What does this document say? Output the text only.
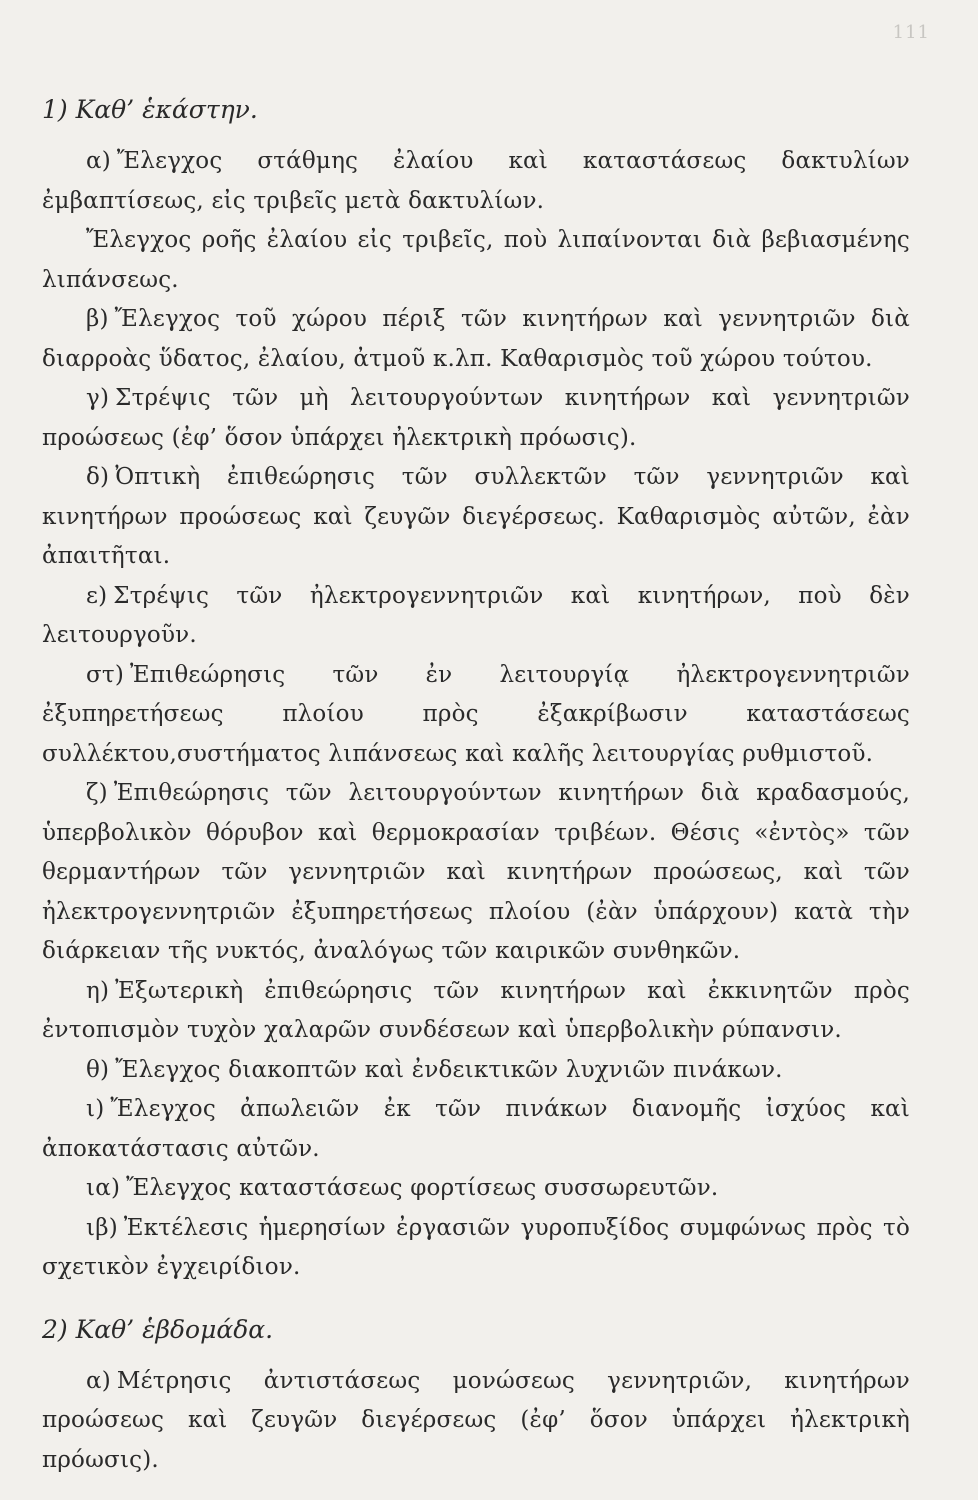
111
1) Καθ’ ἑκάστην.

α) Ἔλεγχος στάθμης ἐλαίου καὶ καταστάσεως δακτυλίων ἐμβαπτίσεως, εἰς τριβεῖς μετὰ δακτυλίων.

Ἔλεγχος ροῆς ἐλαίου εἰς τριβεῖς, ποὺ λιπαίνονται διὰ βεβιασμένης λιπάνσεως.

β) Ἔλεγχος τοῦ χώρου πέριξ τῶν κινητήρων καὶ γεννητριῶν διὰ διαρροὰς ὕδατος, ἐλαίου, ἀτμοῦ κ.λπ. Καθαρισμὸς τοῦ χώρου τούτου.

γ) Στρέψις τῶν μὴ λειτουργούντων κινητήρων καὶ γεννητριῶν προώσεως (ἐφ’ ὅσον ὑπάρχει ἠλεκτρικὴ πρόωσις).

δ) Ὀπτικὴ ἐπιθεώρησις τῶν συλλεκτῶν τῶν γεννητριῶν καὶ κινητήρων προώσεως καὶ ζευγῶν διεγέρσεως. Καθαρισμὸς αὐτῶν, ἐὰν ἀπαιτῆται.

ε) Στρέψις τῶν ἠλεκτρογεννητριῶν καὶ κινητήρων, ποὺ δὲν λειτουργοῦν.

στ) Ἐπιθεώρησις τῶν ἐν λειτουργίᾳ ἠλεκτρογεννητριῶν ἐξυπηρετήσεως πλοίου πρὸς ἐξακρίβωσιν καταστάσεως συλλέκτου,συστήματος λιπάνσεως καὶ καλῆς λειτουργίας ρυθμιστοῦ.

ζ) Ἐπιθεώρησις τῶν λειτουργούντων κινητήρων διὰ κραδασμούς, ὑπερβολικὸν θόρυβον καὶ θερμοκρασίαν τριβέων. Θέσις «ἐντὸς» τῶν θερμαντήρων τῶν γεννητριῶν καὶ κινητήρων προώσεως, καὶ τῶν ἠλεκτρογεννητριῶν ἐξυπηρετήσεως πλοίου (ἐὰν ὑπάρχουν) κατὰ τὴν διάρκειαν τῆς νυκτός, ἀναλόγως τῶν καιρικῶν συνθηκῶν.

η) Ἐξωτερικὴ ἐπιθεώρησις τῶν κινητήρων καὶ ἐκκινητῶν πρὸς ἐντοπισμὸν τυχὸν χαλαρῶν συνδέσεων καὶ ὑπερβολικὴν ρύπανσιν.

θ) Ἔλεγχος διακοπτῶν καὶ ἐνδεικτικῶν λυχνιῶν πινάκων.

ι) Ἔλεγχος ἀπωλειῶν ἐκ τῶν πινάκων διανομῆς ἰσχύος καὶ ἀποκατάστασις αὐτῶν.

ια) Ἔλεγχος καταστάσεως φορτίσεως συσσωρευτῶν.

ιβ) Ἐκτέλεσις ἡμερησίων ἐργασιῶν γυροπυξίδος συμφώνως πρὸς τὸ σχετικὸν ἐγχειρίδιον.

2) Καθ’ ἑβδομάδα.

α) Μέτρησις ἀντιστάσεως μονώσεως γεννητριῶν, κινητήρων προώσεως καὶ ζευγῶν διεγέρσεως (ἐφ’ ὅσον ὑπάρχει ἠλεκτρικὴ πρόωσις).
